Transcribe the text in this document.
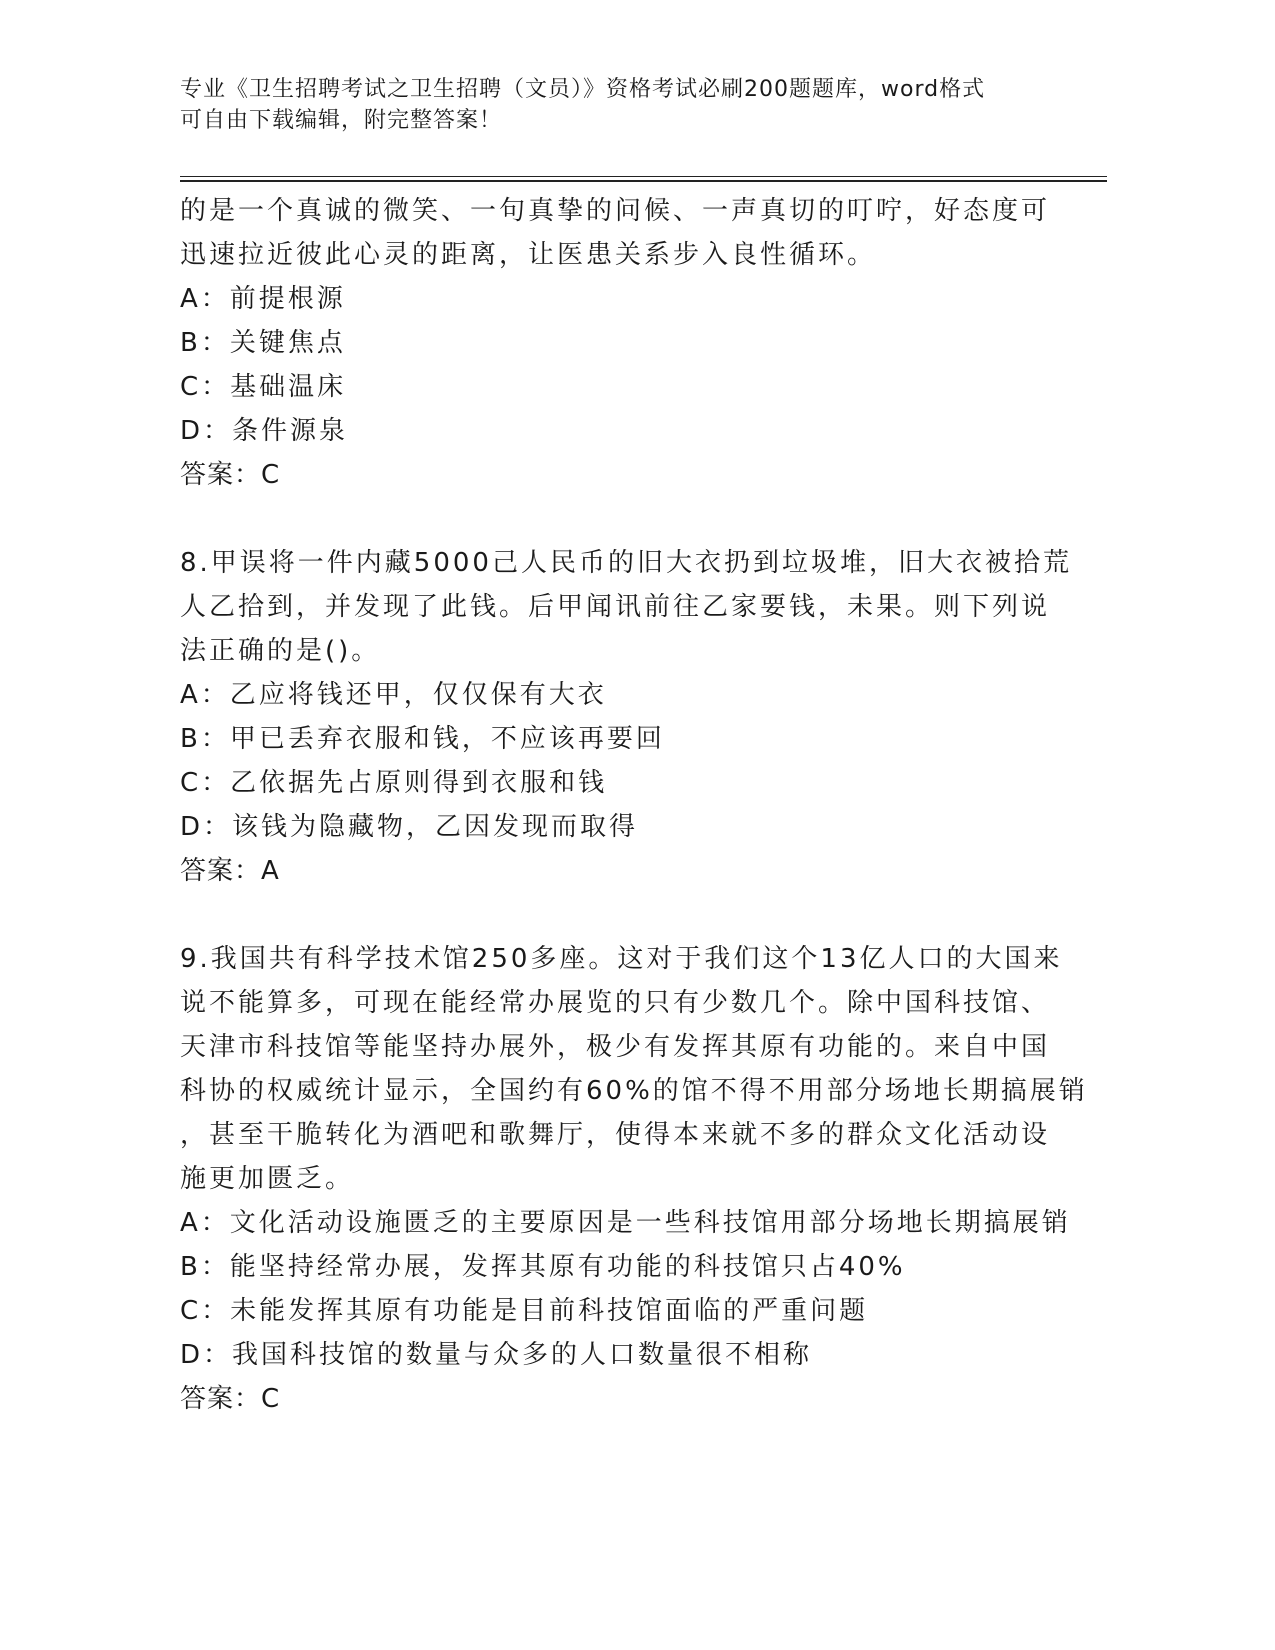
专业《卫生招聘考试之卫生招聘（文员）》资格考试必刷200题题库，word格式
可自由下载编辑，附完整答案！
的是一个真诚的微笑、一句真挚的问候、一声真切的叮咛，好态度可
迅速拉近彼此心灵的距离，让医患关系步入良性循环。
A：前提根源
B：关键焦点
C：基础温床
D：条件源泉
答案：C
8.甲误将一件内藏5000己人民币的旧大衣扔到垃圾堆，旧大衣被拾荒
人乙拾到，并发现了此钱。后甲闻讯前往乙家要钱，未果。则下列说
法正确的是()。
A：乙应将钱还甲，仅仅保有大衣
B：甲已丢弃衣服和钱，不应该再要回
C：乙依据先占原则得到衣服和钱
D：该钱为隐藏物，乙因发现而取得
答案：A
9.我国共有科学技术馆250多座。这对于我们这个13亿人口的大国来
说不能算多，可现在能经常办展览的只有少数几个。除中国科技馆、
天津市科技馆等能坚持办展外，极少有发挥其原有功能的。来自中国
科协的权威统计显示，全国约有60%的馆不得不用部分场地长期搞展销
，甚至干脆转化为酒吧和歌舞厅，使得本来就不多的群众文化活动设
施更加匮乏。
A：文化活动设施匮乏的主要原因是一些科技馆用部分场地长期搞展销
B：能坚持经常办展，发挥其原有功能的科技馆只占40%
C：未能发挥其原有功能是目前科技馆面临的严重问题
D：我国科技馆的数量与众多的人口数量很不相称
答案：C
